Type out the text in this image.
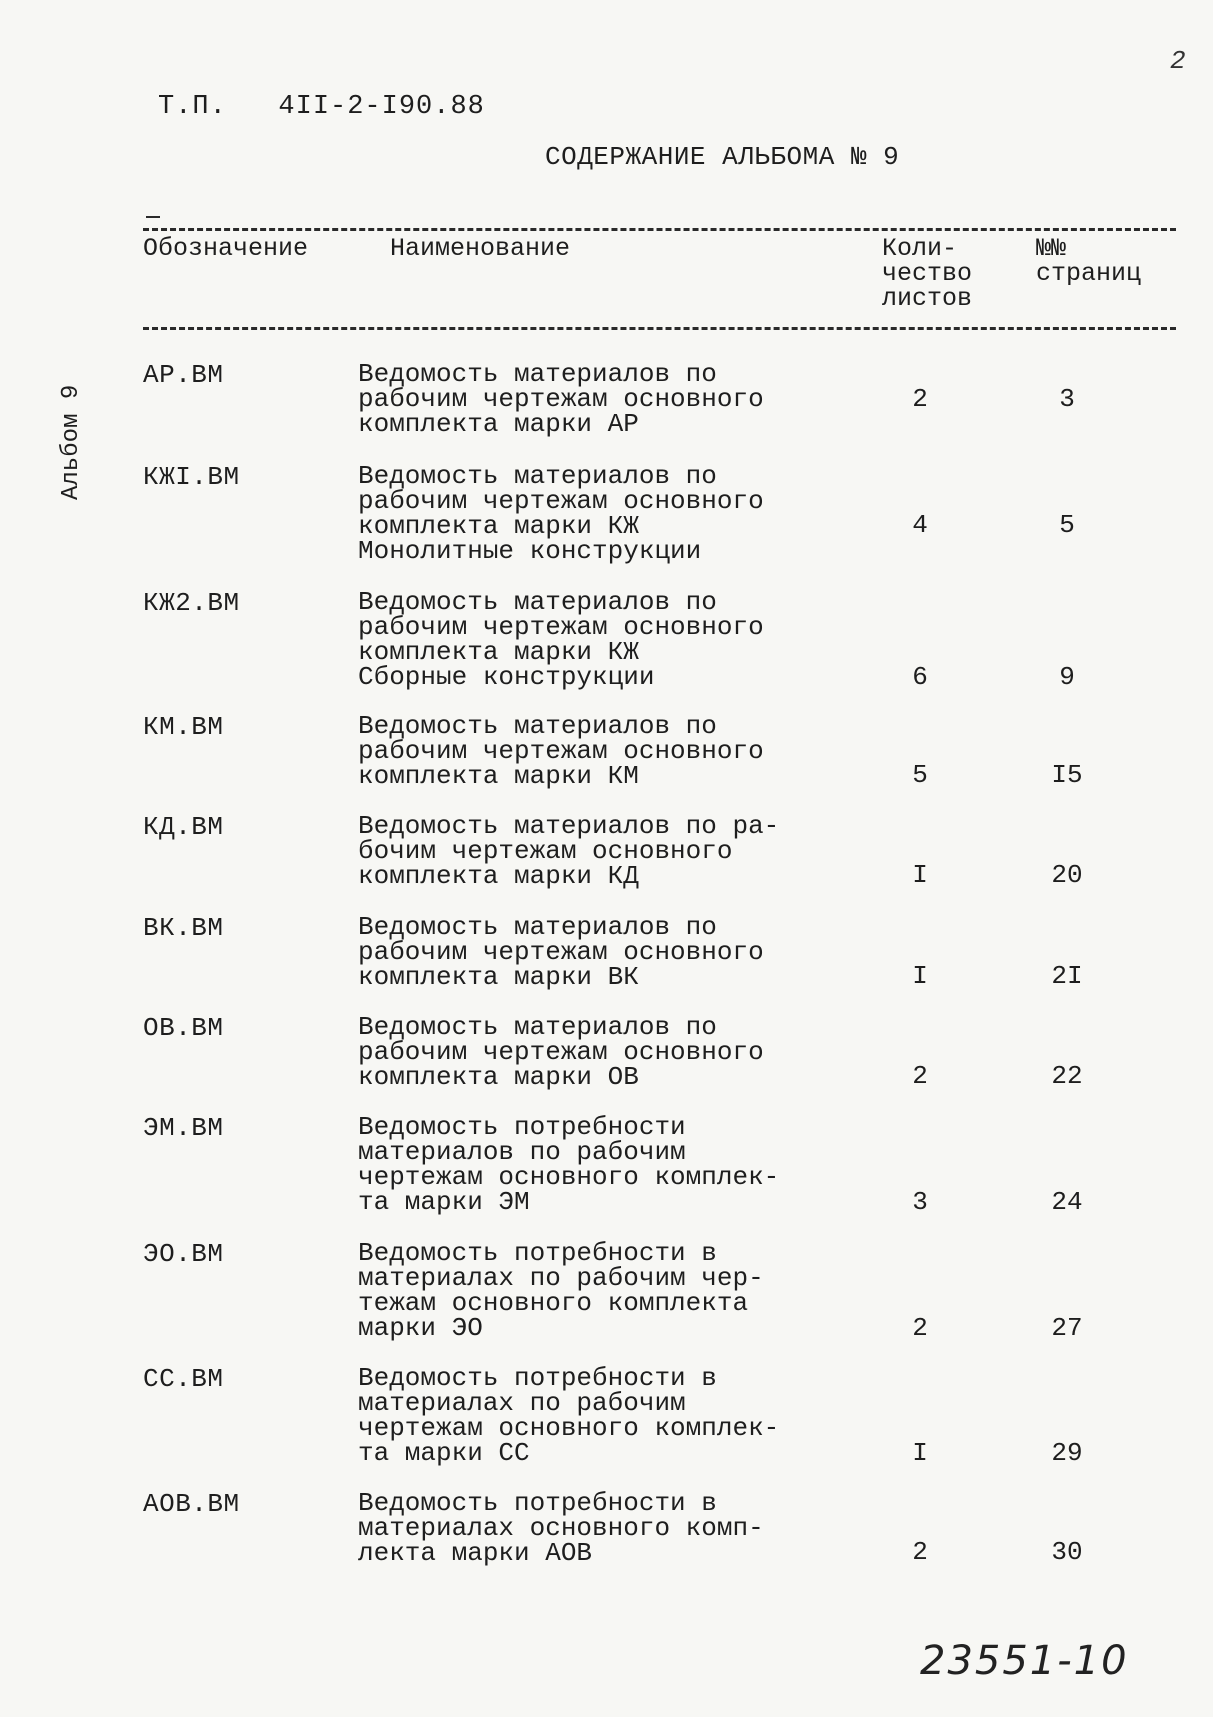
2
Т.П.   4II-2-I90.88
СОДЕРЖАНИЕ АЛЬБОМА № 9
Альбом 9
Обозначение	Наименование	Коли-
чество
листов
№№
страниц
АР.ВМ	Ведомость материалов по
рабочим чертежам основного
комплекта марки АР
2	3
КЖI.ВМ	Ведомость материалов по
рабочим чертежам основного
комплекта марки КЖ
Монолитные конструкции
4	5
КЖ2.ВМ	Ведомость материалов по
рабочим чертежам основного
комплекта марки КЖ
Сборные конструкции	6	9
КМ.ВМ	Ведомость материалов по
рабочим чертежам основного
комплекта марки КМ	5	I5
КД.ВМ	Ведомость материалов по ра-
бочим чертежам основного
комплекта марки КД	I	20
ВК.ВМ	Ведомость материалов по
рабочим чертежам основного
комплекта марки ВК	I	2I
ОВ.ВМ	Ведомость материалов по
рабочим чертежам основного
комплекта марки ОВ	2	22
ЭМ.ВМ	Ведомость потребности
материалов по рабочим
чертежам основного комплек-
та марки ЭМ	3	24
ЭО.ВМ	Ведомость потребности в
материалах по рабочим чер-
тежам основного комплекта
марки ЭО	2	27
СС.ВМ	Ведомость потребности в
материалах по рабочим
чертежам основного комплек-
та марки СС	I	29
АОВ.ВМ	Ведомость потребности в
материалах основного комп-
лекта марки АОВ	2	30
23551-10
